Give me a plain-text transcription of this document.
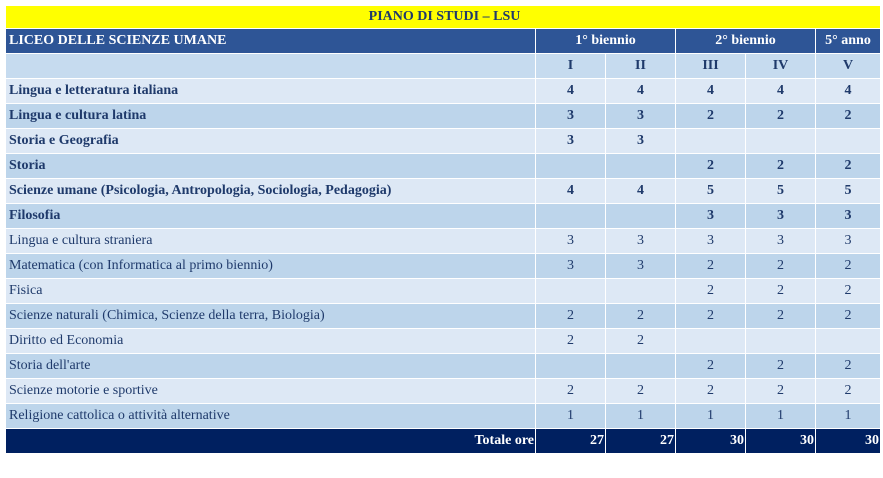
PIANO DI STUDI – LSU					
LICEO DELLE SCIENZE UMANE	1° biennio		2° biennio		5° anno
	I	II	III	IV	V
Lingua e letteratura italiana	4	4	4	4	4
Lingua e cultura latina	3	3	2	2	2
Storia e Geografia	3	3			
Storia			2	2	2
Scienze umane (Psicologia, Antropologia, Sociologia, Pedagogia)	4	4	5	5	5
Filosofia			3	3	3
Lingua e cultura straniera	3	3	3	3	3
Matematica (con Informatica al primo biennio)	3	3	2	2	2
Fisica			2	2	2
Scienze naturali (Chimica, Scienze della terra, Biologia)	2	2	2	2	2
Diritto ed Economia	2	2			
Storia dell'arte			2	2	2
Scienze motorie e sportive	2	2	2	2	2
Religione cattolica o attività alternative	1	1	1	1	1
Totale ore	27	27	30	30	30
